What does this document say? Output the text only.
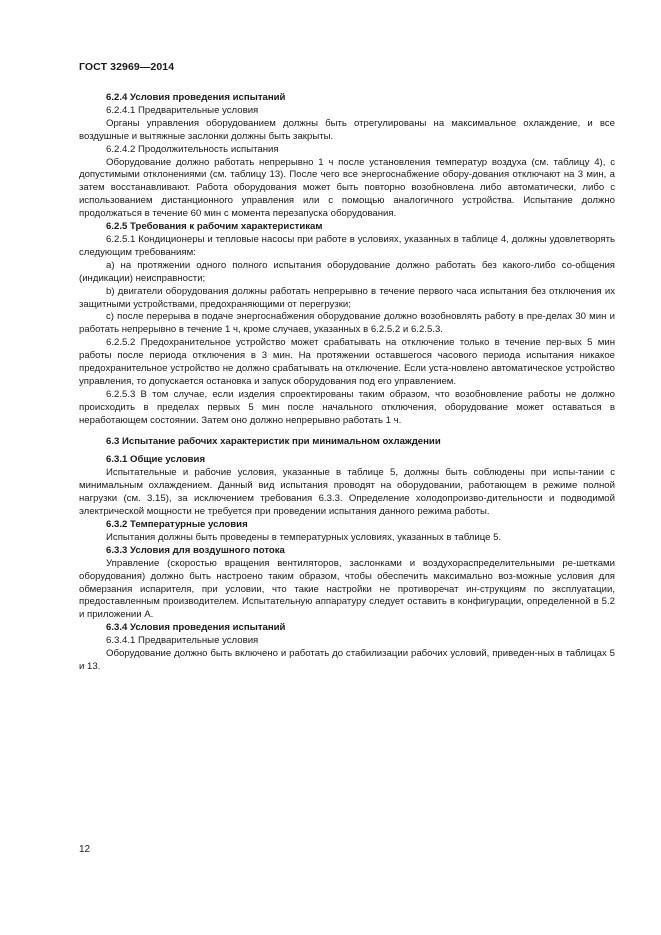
ГОСТ 32969—2014

6.2.4 Условия проведения испытаний

6.2.4.1 Предварительные условия

Органы управления оборудованием должны быть отрегулированы на максимальное охлаждение, и все воздушные и вытяжные заслонки должны быть закрыты.

6.2.4.2 Продолжительность испытания

Оборудование должно работать непрерывно 1 ч после установления температур воздуха (см. таблицу 4), с допустимыми отклонениями (см. таблицу 13). После чего все энергоснабжение обору-дования отключают на 3 мин, а затем восстанавливают. Работа оборудования может быть повторно возобновлена либо автоматически, либо с использованием дистанционного управления или с помощью аналогичного устройства. Испытание должно продолжаться в течение 60 мин с момента перезапуска оборудования.

6.2.5 Требования к рабочим характеристикам

6.2.5.1 Кондиционеры и тепловые насосы при работе в условиях, указанных в таблице 4, должны удовлетворять следующим требованиям:

a) на протяжении одного полного испытания оборудование должно работать без какого-либо со-общения (индикации) неисправности;

b) двигатели оборудования должны работать непрерывно в течение первого часа испытания без отключения их защитными устройствами, предохраняющими от перегрузки;

c) после перерыва в подаче энергоснабжения оборудование должно возобновлять работу в пре-делах 30 мин и работать непрерывно в течение 1 ч, кроме случаев, указанных в 6.2.5.2 и 6.2.5.3.

6.2.5.2 Предохранительное устройство может срабатывать на отключение только в течение пер-вых 5 мин работы после периода отключения в 3 мин. На протяжении оставшегося часового периода испытания никакое предохранительное устройство не должно срабатывать на отключение. Если уста-новлено автоматическое устройство управления, то допускается остановка и запуск оборудования под его управлением.

6.2.5.3 В том случае, если изделия спроектированы таким образом, что возобновление работы не должно происходить в пределах первых 5 мин после начального отключения, оборудование может оставаться в неработающем состоянии. Затем оно должно непрерывно работать 1 ч.

6.3 Испытание рабочих характеристик при минимальном охлаждении

6.3.1 Общие условия

Испытательные и рабочие условия, указанные в таблице 5, должны быть соблюдены при испы-тании с минимальным охлаждением. Данный вид испытания проводят на оборудовании, работающем в режиме полной нагрузки (см. 3.15), за исключением требования 6.3.3. Определение холодопроизво-дительности и подводимой электрической мощности не требуется при проведении испытания данного режима работы.

6.3.2 Температурные условия

Испытания должны быть проведены в температурных условиях, указанных в таблице 5.

6.3.3 Условия для воздушного потока

Управление (скоростью вращения вентиляторов, заслонками и воздухораспределительными ре-шетками оборудования) должно быть настроено таким образом, чтобы обеспечить максимально воз-можные условия для обмерзания испарителя, при условии, что такие настройки не противоречат ин-струкциям по эксплуатации, предоставленным производителем. Испытательную аппаратуру следует оставить в конфигурации, определенной в 5.2 и приложении А.

6.3.4 Условия проведения испытаний

6.3.4.1 Предварительные условия

Оборудование должно быть включено и работать до стабилизации рабочих условий, приведен-ных в таблицах 5 и 13.

12
